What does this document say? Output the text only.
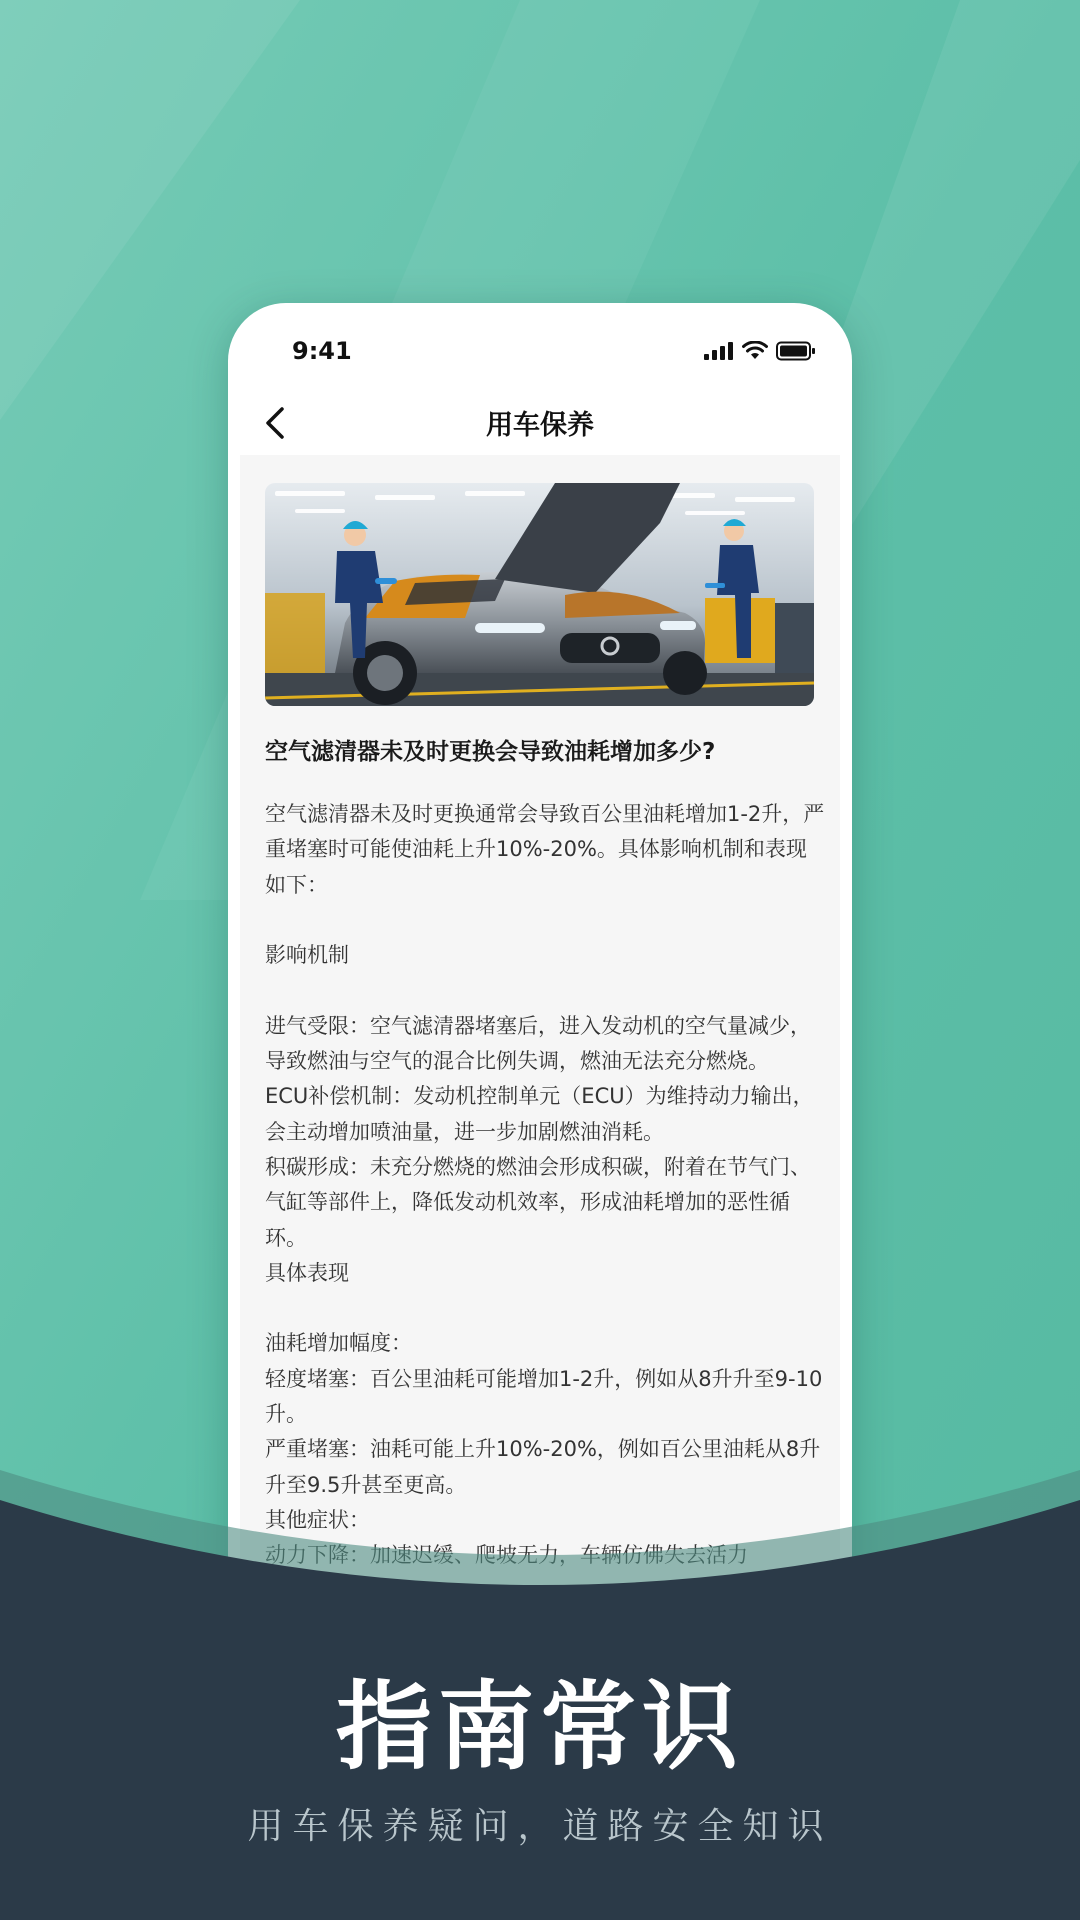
9:41
用车保养
空气滤清器未及时更换会导致油耗增加多少?

空气滤清器未及时更换通常会导致百公里油耗增加1-2升，严重堵塞时可能使油耗上升10%-20%。具体影响机制和表现如下：

影响机制

进气受限：空气滤清器堵塞后，进入发动机的空气量减少，导致燃油与空气的混合比例失调，燃油无法充分燃烧。

ECU补偿机制：发动机控制单元（ECU）为维持动力输出，会主动增加喷油量，进一步加剧燃油消耗。

积碳形成：未充分燃烧的燃油会形成积碳，附着在节气门、气缸等部件上，降低发动机效率，形成油耗增加的恶性循环。

具体表现

油耗增加幅度：

轻度堵塞：百公里油耗可能增加1-2升，例如从8升升至9-10升。

严重堵塞：油耗可能上升10%-20%，例如百公里油耗从8升升至9.5升甚至更高。

其他症状：

指南常识
用车保养疑问，道路安全知识
